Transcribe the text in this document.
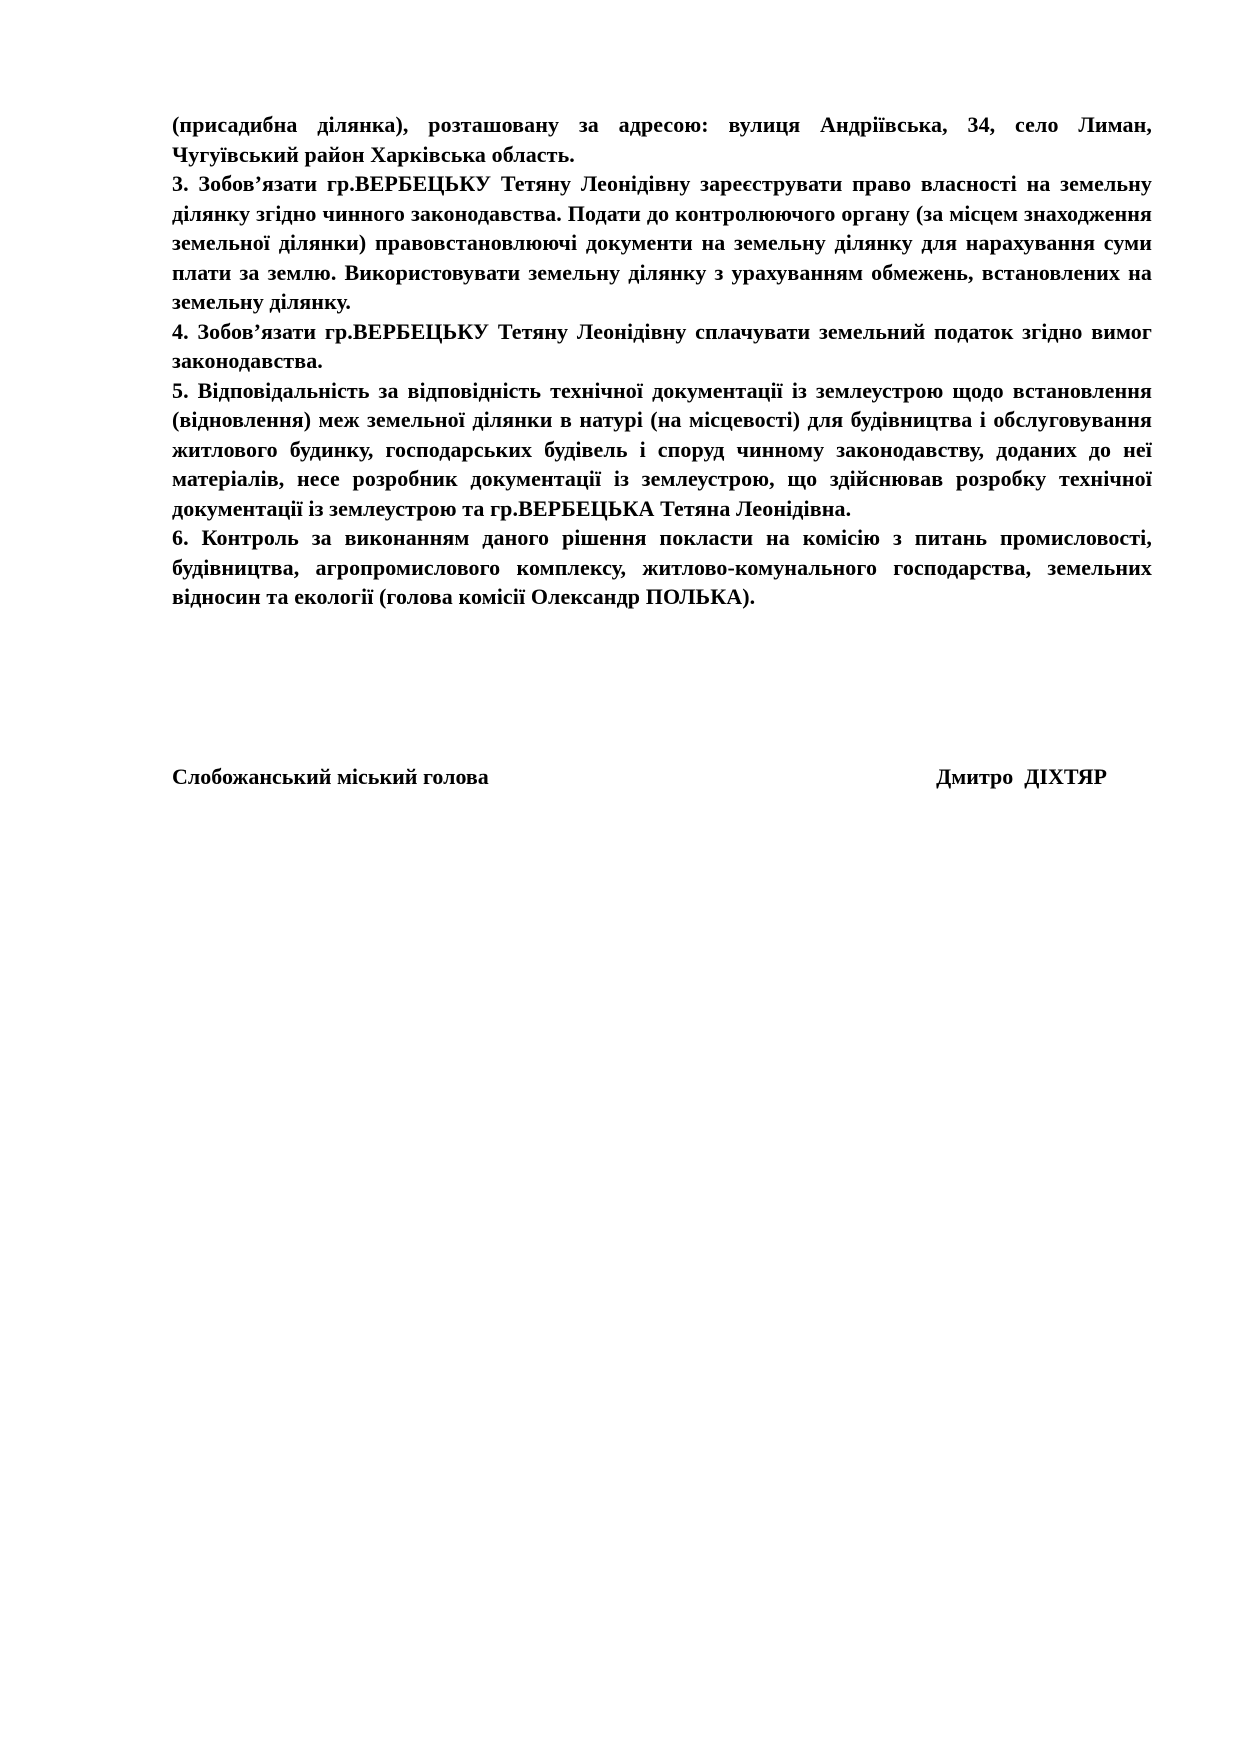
(присадибна ділянка), розташовану за адресою: вулиця Андріївська, 34, село Лиман, Чугуївський район Харківська область.

3. Зобов’язати гр.ВЕРБЕЦЬКУ Тетяну Леонідівну зареєструвати право власності на земельну ділянку згідно чинного законодавства. Подати до контролюючого органу (за місцем знаходження земельної ділянки) правовстановлюючі документи на земельну ділянку для нарахування суми плати за землю. Використовувати земельну ділянку з урахуванням обмежень, встановлених на земельну ділянку.

4. Зобов’язати гр.ВЕРБЕЦЬКУ Тетяну Леонідівну сплачувати земельний податок згідно вимог законодавства.

5. Відповідальність за відповідність технічної документації із землеустрою щодо встановлення (відновлення) меж земельної ділянки в натурі (на місцевості) для будівництва і обслуговування житлового будинку, господарських будівель і споруд чинному законодавству, доданих до неї матеріалів, несе розробник документації із землеустрою, що здійснював розробку технічної документації із землеустрою та гр.ВЕРБЕЦЬКА Тетяна Леонідівна.

6. Контроль за виконанням даного рішення покласти на комісію з питань промисловості, будівництва, агропромислового комплексу, житлово-комунального господарства, земельних відносин та екології (голова комісії Олександр ПОЛЬКА).

Слобожанський міський голова	Дмитро  ДІХТЯР
